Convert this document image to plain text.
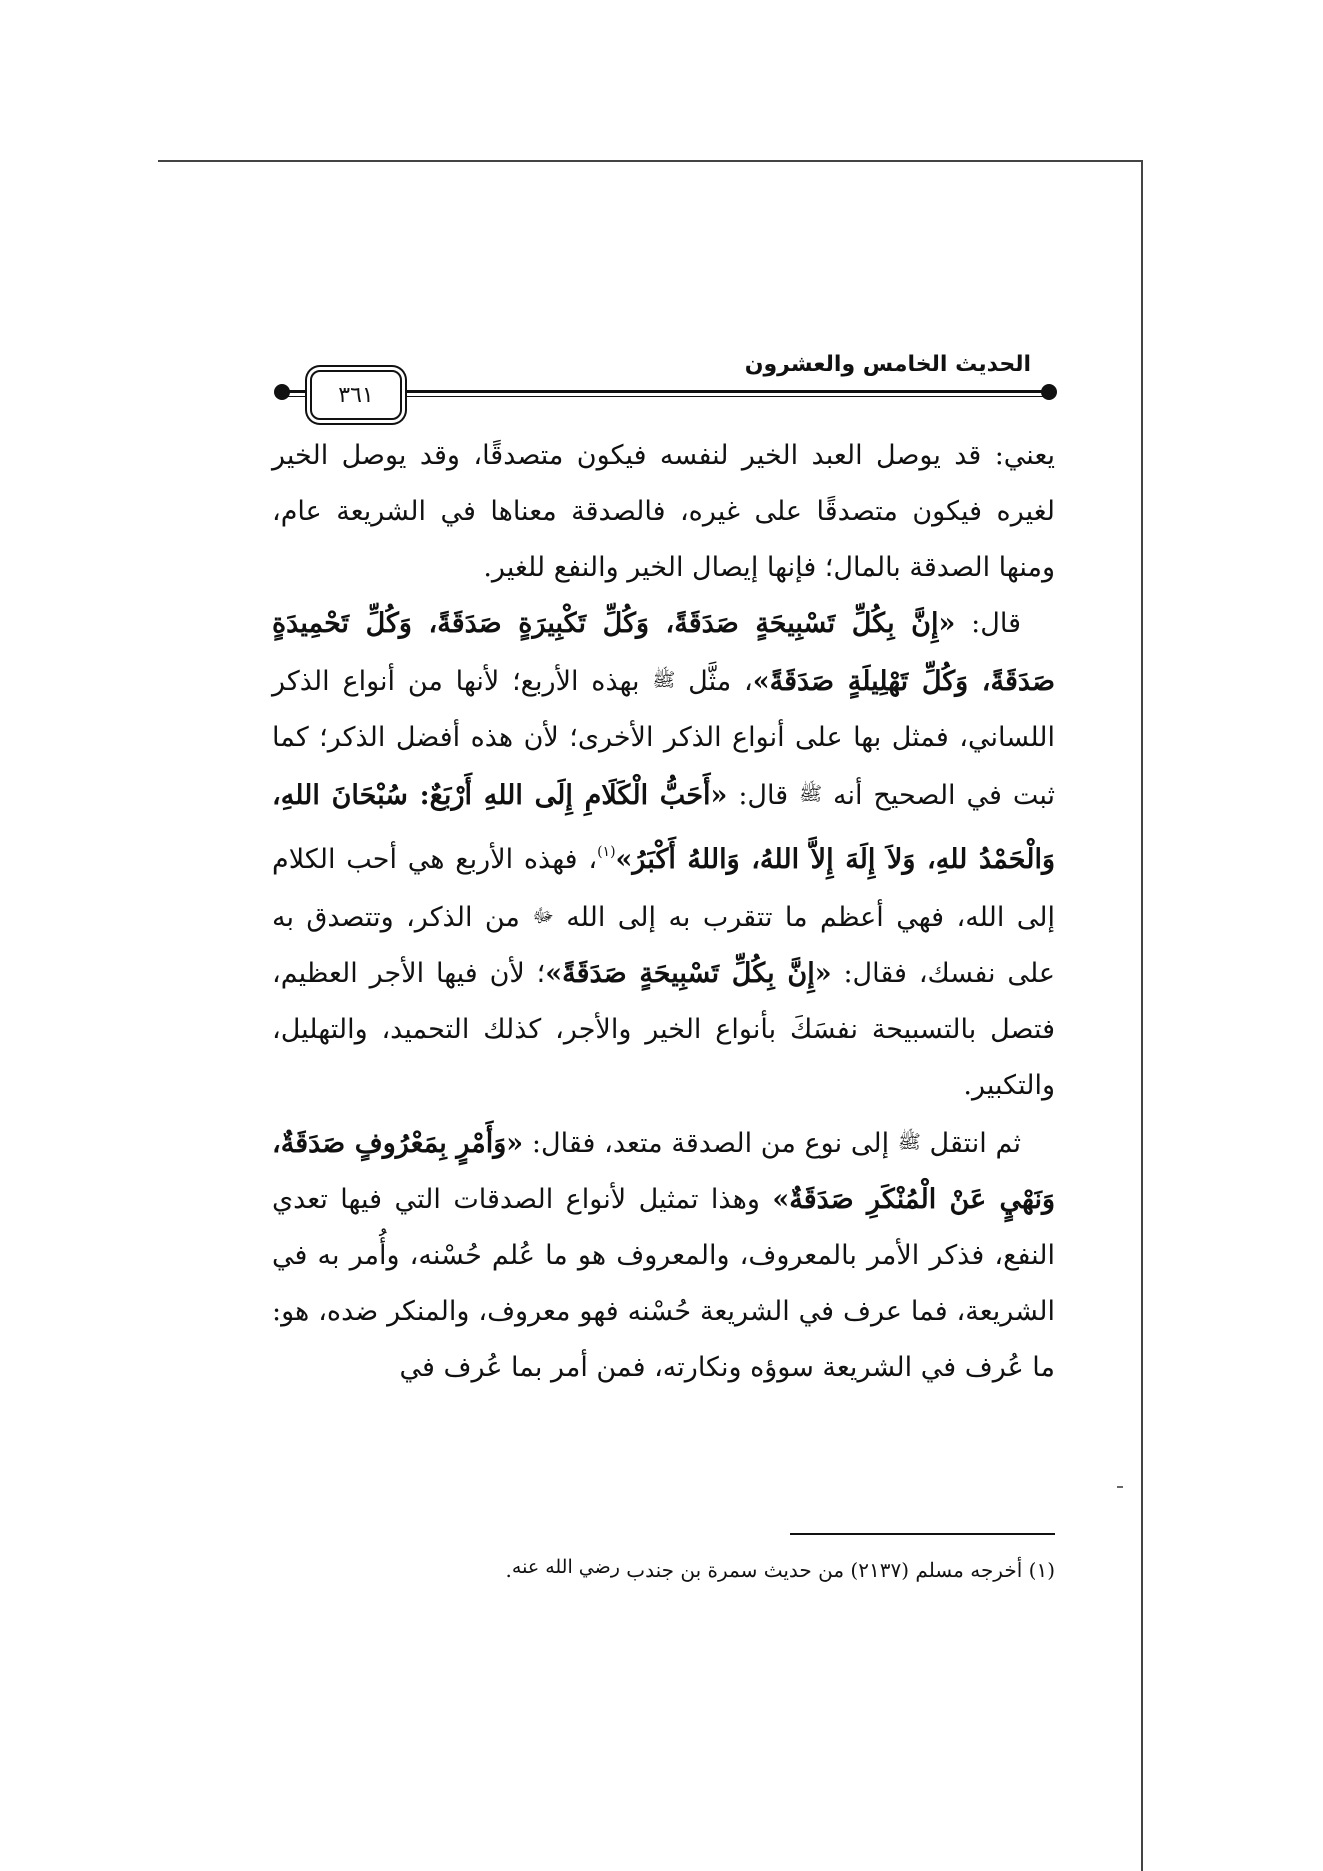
الحديث الخامس والعشرون
٣٦١

يعني: قد يوصل العبد الخير لنفسه فيكون متصدقًا، وقد يوصل الخير لغيره فيكون متصدقًا على غيره، فالصدقة معناها في الشريعة عام، ومنها الصدقة بالمال؛ فإنها إيصال الخير والنفع للغير.

قال: «إِنَّ بِكُلِّ تَسْبِيحَةٍ صَدَقَةً، وَكُلِّ تَكْبِيرَةٍ صَدَقَةً، وَكُلِّ تَحْمِيدَةٍ صَدَقَةً، وَكُلِّ تَهْلِيلَةٍ صَدَقَةً»، مثَّل ﷺ بهذه الأربع؛ لأنها من أنواع الذكر اللساني، فمثل بها على أنواع الذكر الأخرى؛ لأن هذه أفضل الذكر؛ كما ثبت في الصحيح أنه ﷺ قال: «أَحَبُّ الْكَلَامِ إِلَى اللهِ أَرْبَعٌ: سُبْحَانَ اللهِ، وَالْحَمْدُ للهِ، وَلاَ إِلَهَ إِلاَّ اللهُ، وَاللهُ أَكْبَرُ»$^{(١)}$، فهذه الأربع هي أحب الكلام إلى الله، فهي أعظم ما تتقرب به إلى الله ﷻ من الذكر، وتتصدق به على نفسك، فقال: «إِنَّ بِكُلِّ تَسْبِيحَةٍ صَدَقَةً»؛ لأن فيها الأجر العظيم، فتصل بالتسبيحة نفسَكَ بأنواع الخير والأجر، كذلك التحميد، والتهليل، والتكبير.

ثم انتقل ﷺ إلى نوع من الصدقة متعد، فقال: «وَأَمْرٍ بِمَعْرُوفٍ صَدَقَةٌ، وَنَهْيٍ عَنْ الْمُنْكَرِ صَدَقَةٌ» وهذا تمثيل لأنواع الصدقات التي فيها تعدي النفع، فذكر الأمر بالمعروف، والمعروف هو ما عُلم حُسْنه، وأُمر به في الشريعة، فما عرف في الشريعة حُسْنه فهو معروف، والمنكر ضده، هو: ما عُرف في الشريعة سوؤه ونكارته، فمن أمر بما عُرف في

(١) أخرجه مسلم (٢١٣٧) من حديث سمرة بن جندب رضي الله عنه.
